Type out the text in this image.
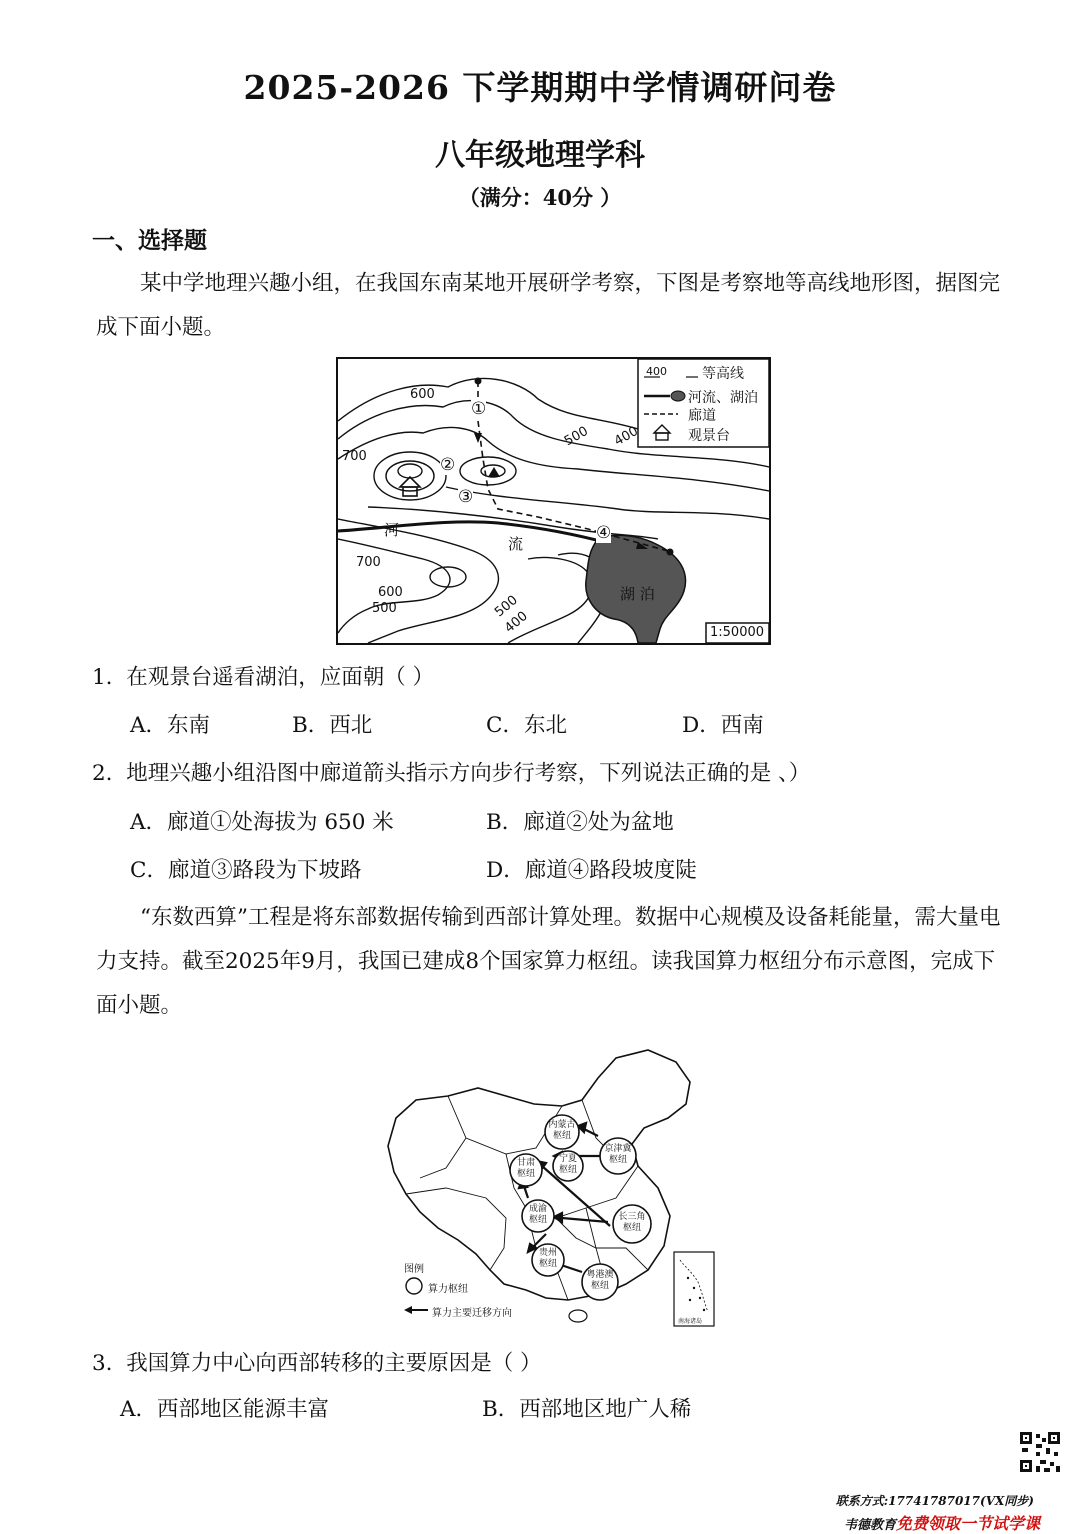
2025-2026 下学期期中学情调研问卷
八年级地理学科
（满分：40分 ）
一、选择题
某中学地理兴趣小组，在我国东南某地开展研学考察，下图是考察地等高线地形图，据图完成下面小题。
400	等高线
河流、湖泊
廊道
观景台
600
700
500 400
700
600
500	500
400
①
②
③
④
河
流
湖 泊
1:50000
1. 在观景台遥看湖泊，应面朝（ ）
A．东南	B．西北	C．东北	D．西南
2. 地理兴趣小组沿图中廊道箭头指示方向步行考察，下列说法正确的是 、）
A．廊道①处海拔为 650 米	B．廊道②处为盆地
C．廊道③路段为下坡路	D．廊道④路段坡度陡
“东数西算”工程是将东部数据传输到西部计算处理。数据中心规模及设备耗能量，需大量电力支持。截至2025年9月，我国已建成8个国家算力枢纽。读我国算力枢纽分布示意图，完成下面小题。
内蒙古
枢纽
京津冀
枢纽
甘肃
枢纽
宁夏
枢纽
成渝
枢纽	长三角
枢纽
贵州
枢纽
粤港澳
枢纽
图例
算力枢纽
算力主要迁移方向
南海诸岛
3. 我国算力中心向西部转移的主要原因是（ ）
A．西部地区能源丰富	B．西部地区地广人稀
联系方式:17741787017(VX同步)
韦德教育免费领取一节试学课
